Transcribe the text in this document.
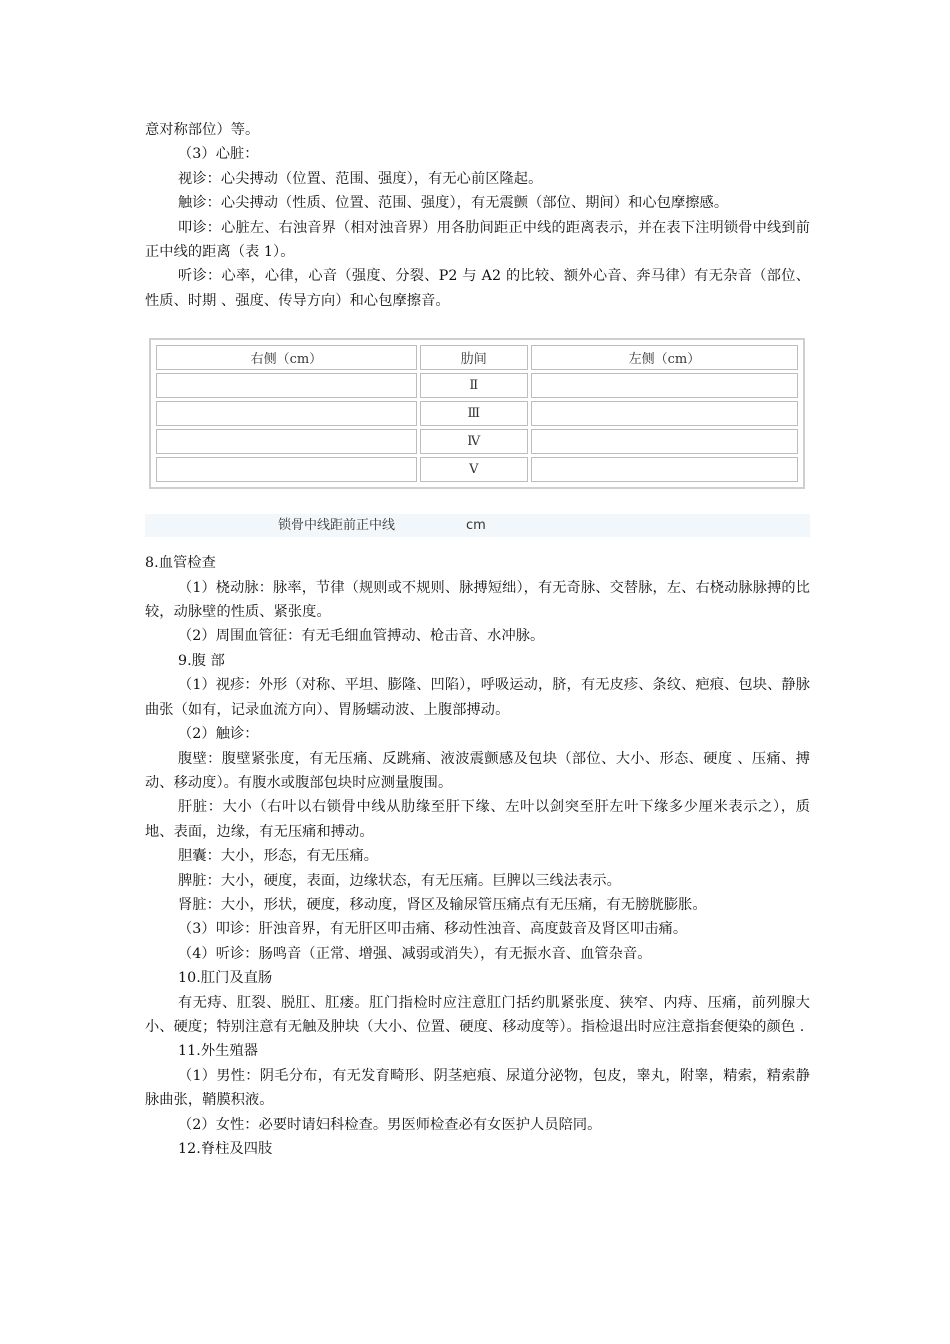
意对称部位）等。

（3）心脏：

视诊：心尖搏动（位置、范围、强度），有无心前区隆起。

触诊：心尖搏动（性质、位置、范围、强度），有无震颤（部位、期间）和心包摩擦感。

叩诊：心脏左、右浊音界（相对浊音界）用各肋间距正中线的距离表示，并在表下注明锁骨中线到前正中线的距离（表 1）。

听诊：心率，心律，心音（强度、分裂、P2 与 A2 的比较、额外心音、奔马律）有无杂音（部位、性质、时期 、强度、传导方向）和心包摩擦音。

右侧（cm）	肋间	左侧（cm）
	Ⅱ	
	Ⅲ	
	Ⅳ	
	Ⅴ	
锁骨中线距前正中线	cm

8.血管检查

（1）桡动脉：脉率，节律（规则或不规则、脉搏短绌），有无奇脉、交替脉，左、右桡动脉脉搏的比较，动脉壁的性质、紧张度。

（2）周围血管征：有无毛细血管搏动、枪击音、水冲脉。

9.腹 部

（1）视疹：外形（对称、平坦、膨隆、凹陷），呼吸运动，脐，有无皮疹、条纹、疤痕、包块、静脉曲张（如有，记录血流方向）、胃肠蠕动波、上腹部搏动。

（2）触诊：

腹壁：腹壁紧张度，有无压痛、反跳痛、液波震颤感及包块（部位、大小、形态、硬度 、压痛、搏动、移动度）。有腹水或腹部包块时应测量腹围。

肝脏：大小（右叶以右锁骨中线从肋缘至肝下缘、左叶以剑突至肝左叶下缘多少厘米表示之），质地、表面，边缘，有无压痛和搏动。

胆囊：大小，形态，有无压痛。

脾脏：大小，硬度，表面，边缘状态，有无压痛。巨脾以三线法表示。

肾脏：大小，形状，硬度，移动度，肾区及输尿管压痛点有无压痛，有无膀胱膨胀。

（3）叩诊：肝浊音界，有无肝区叩击痛、移动性浊音、高度鼓音及肾区叩击痛。

（4）听诊：肠鸣音（正常、增强、减弱或消失），有无振水音、血管杂音。

10.肛门及直肠

有无痔、肛裂、脱肛、肛瘘。肛门指检时应注意肛门括约肌紧张度、狭窄、内痔、压痛，前列腺大小、硬度；特别注意有无触及肿块（大小、位置、硬度、移动度等）。指检退出时应注意指套便染的颜色 .

11.外生殖器

（1）男性：阴毛分布，有无发育畸形、阴茎疤痕、尿道分泌物，包皮，睾丸，附睾，精索，精索静脉曲张，鞘膜积液。

（2）女性：必要时请妇科检查。男医师检查必有女医护人员陪同。

12.脊柱及四肢
